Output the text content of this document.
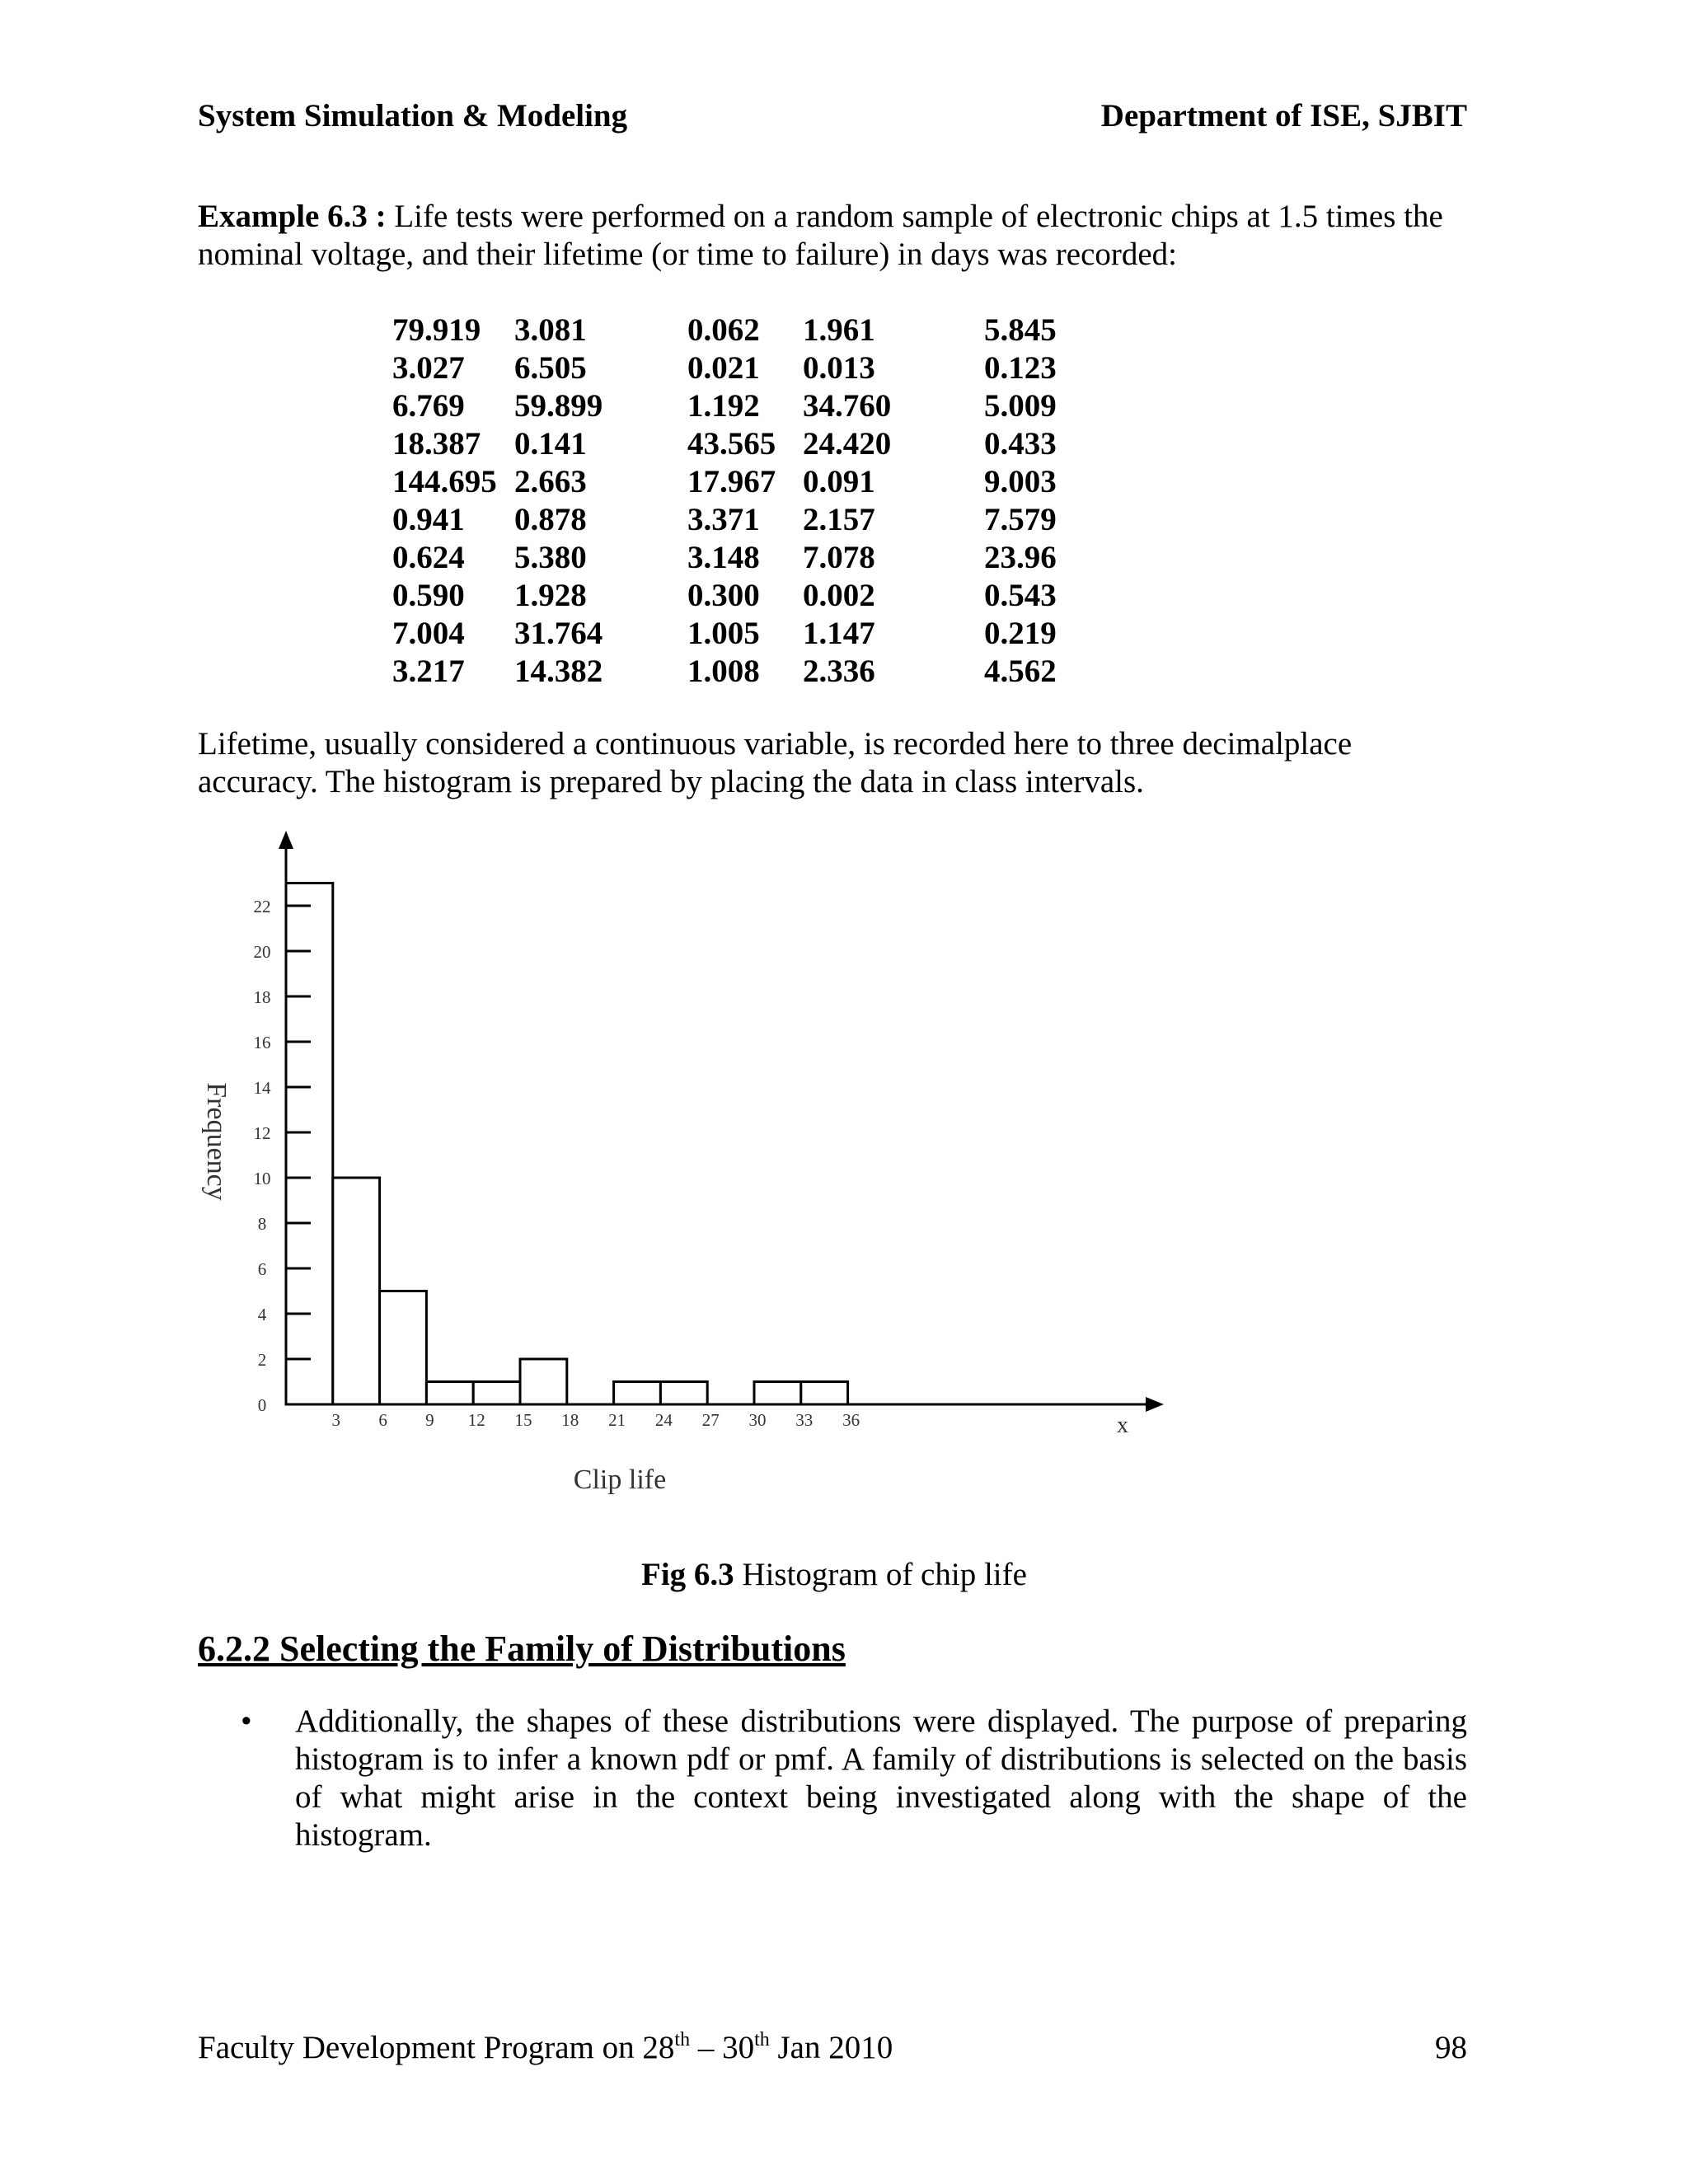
System Simulation & Modeling	Department of ISE, SJBIT
Example 6.3 : Life tests were performed on a random sample of electronic chips at 1.5 times the nominal voltage, and their lifetime (or time to failure) in days was recorded:
79.919	3.081	0.062	1.961	5.845
3.027	6.505	0.021	0.013	0.123
6.769	59.899	1.192	34.760	5.009
18.387	0.141	43.565	24.420	0.433
144.695	2.663	17.967	0.091	9.003
0.941	0.878	3.371	2.157	7.579
0.624	5.380	3.148	7.078	23.96
0.590	1.928	0.300	0.002	0.543
7.004	31.764	1.005	1.147	0.219
3.217	14.382	1.008	2.336	4.562
Lifetime, usually considered a continuous variable, is recorded here to three decimalplace accuracy. The histogram is prepared by placing the data in class intervals.
0
2
4
6
8
10
12
14
16
18
20
22
3 6 9 12 15 18 21 24 27 30 33 36	x
Clip life
Frequency
Fig 6.3 Histogram of chip life
6.2.2 Selecting the Family of Distributions
• Additionally, the shapes of these distributions were displayed. The purpose of preparing histogram is to infer a known pdf or pmf. A family of distributions is selected on the basis of what might arise in the context being investigated along with the shape of the histogram.
Faculty Development Program on 28th – 30th Jan 2010	98
